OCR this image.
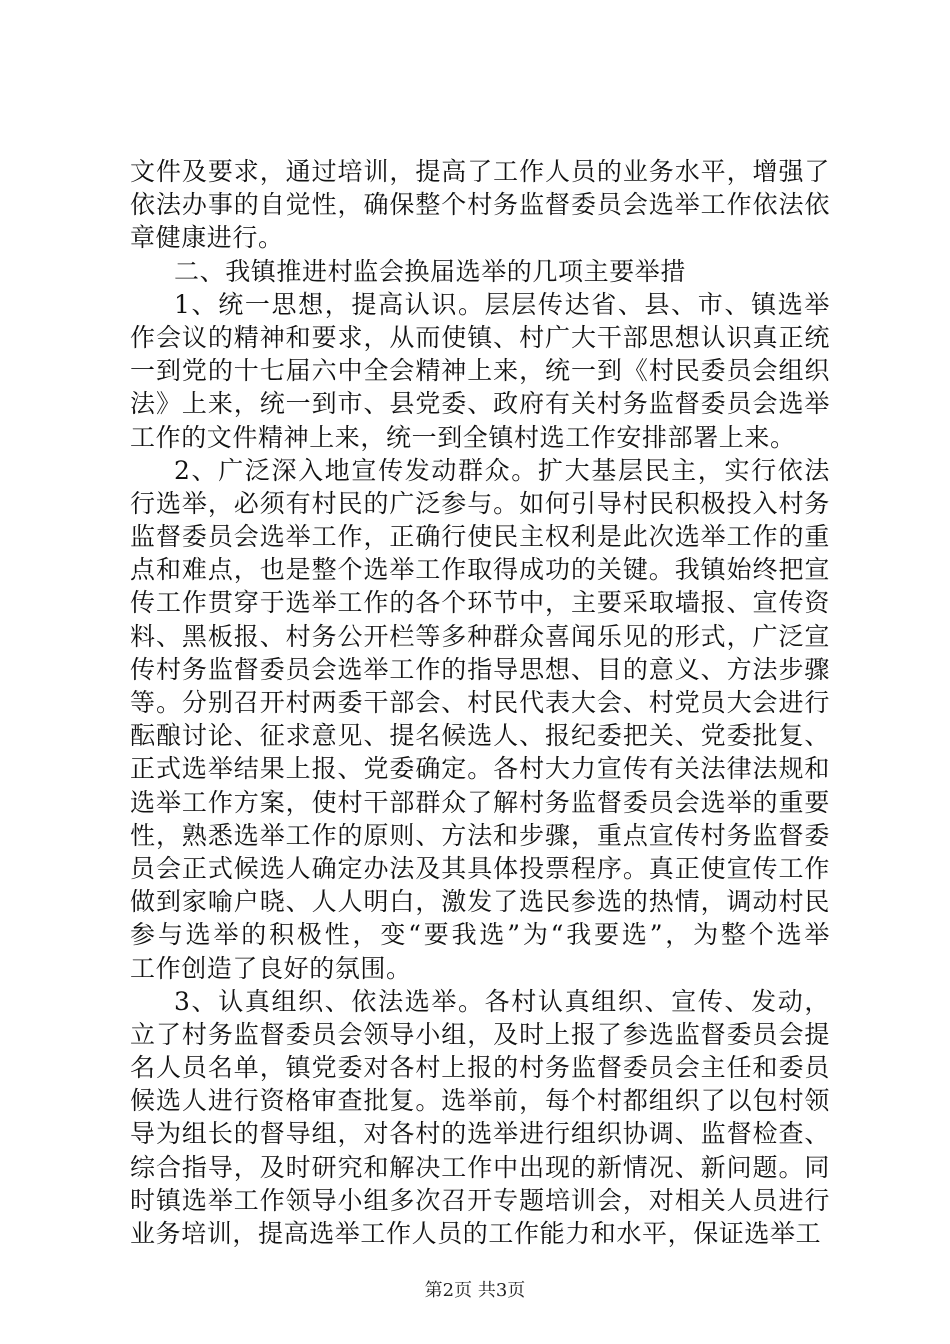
文件及要求，通过培训，提高了工作人员的业务水平，增强了
依法办事的自觉性，确保整个村务监督委员会选举工作依法依
章健康进行。
二、我镇推进村监会换届选举的几项主要举措
1、统一思想，提高认识。层层传达省、县、市、镇选举
作会议的精神和要求，从而使镇、村广大干部思想认识真正统
一到党的十七届六中全会精神上来，统一到《村民委员会组织
法》上来，统一到市、县党委、政府有关村务监督委员会选举
工作的文件精神上来，统一到全镇村选工作安排部署上来。
2、广泛深入地宣传发动群众。扩大基层民主，实行依法
行选举，必须有村民的广泛参与。如何引导村民积极投入村务
监督委员会选举工作，正确行使民主权利是此次选举工作的重
点和难点，也是整个选举工作取得成功的关键。我镇始终把宣
传工作贯穿于选举工作的各个环节中，主要采取墙报、宣传资
料、黑板报、村务公开栏等多种群众喜闻乐见的形式，广泛宣
传村务监督委员会选举工作的指导思想、目的意义、方法步骤
等。分别召开村两委干部会、村民代表大会、村党员大会进行
酝酿讨论、征求意见、提名候选人、报纪委把关、党委批复、
正式选举结果上报、党委确定。各村大力宣传有关法律法规和
选举工作方案，使村干部群众了解村务监督委员会选举的重要
性，熟悉选举工作的原则、方法和步骤，重点宣传村务监督委
员会正式候选人确定办法及其具体投票程序。真正使宣传工作
做到家喻户晓、人人明白，激发了选民参选的热情，调动村民
参与选举的积极性，变“要我选”为“我要选”，为整个选举
工作创造了良好的氛围。
3、认真组织、依法选举。各村认真组织、宣传、发动，
立了村务监督委员会领导小组，及时上报了参选监督委员会提
名人员名单，镇党委对各村上报的村务监督委员会主任和委员
候选人进行资格审查批复。选举前，每个村都组织了以包村领
导为组长的督导组，对各村的选举进行组织协调、监督检查、
综合指导，及时研究和解决工作中出现的新情况、新问题。同
时镇选举工作领导小组多次召开专题培训会，对相关人员进行
业务培训，提高选举工作人员的工作能力和水平，保证选举工
第2页 共3页
